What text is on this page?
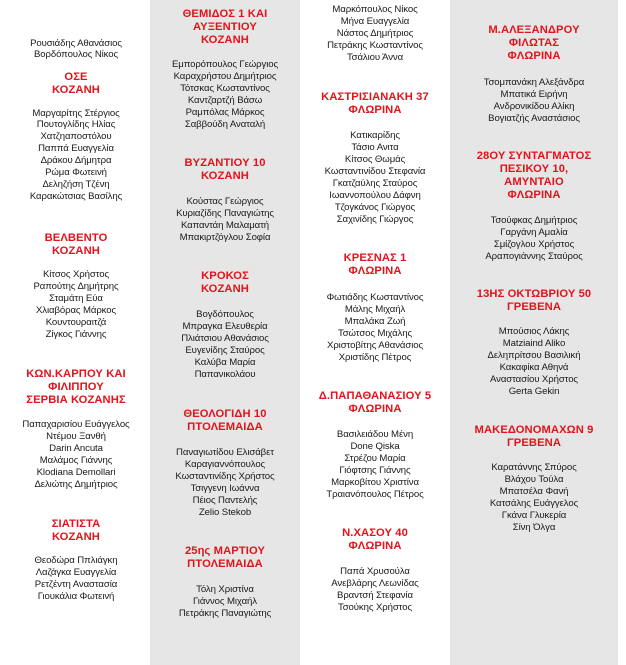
Ρουσιάδης Αθανάσιος
Βορδόπουλος Νίκος
ΟΣΕ
ΚΟΖΑΝΗ
Μαργαρίτης Στέργιος
Πουτογλίδης Ηλίας
Χατζηαποστόλου
Παππά Ευαγγελία
Δράκου Δήμητρα
Ρώμα Φωτεινή
Δεληζήση Τζένη
Καρακώτσιας Βασίλης
ΒΕΛΒΕΝΤΟ
ΚΟΖΑΝΗ
Κίτσος Χρήστος
Ραπούτης Δημήτρης
Σταμάτη Εύα
Χλιαβόρας Μάρκος
Κουντουραιτζά
Ζίγκος Γιάννης
ΚΩΝ.ΚΑΡΠΟΥ ΚΑΙ
ΦΙΛΙΠΠΟΥ
ΣΕΡΒΙΑ ΚΟΖΑΝΗΣ
Παπαχαρισίου Ευάγγελος
Ντέμου Ξανθή
Darin Ancuta
Μαλάμος Γιάννης
Klodiana Demollari
Δελιώτης Δημήτριος
ΣΙΑΤΙΣΤΑ
ΚΟΖΑΝΗ
Θεοδώρα Ππλιάγκη
Λαζάγκα Ευαγγελία
Ρετζέντη Αναστασία
Γιουκάλια Φωτεινή
ΘΕΜΙΔΟΣ 1 ΚΑΙ
ΑΥΞΕΝΤΙΟΥ
ΚΟΖΑΝΗ
Εμπορόπουλος Γεώργιος
Καραχρήστου Δημήτριος
Τότσκας Κωσταντίνος
Καντζαρτζή Βάσω
Ραμπόλας Μάρκος
Σαββούδη Αναταλή
ΒΥΖΑΝΤΙΟΥ 10
ΚΟΖΑΝΗ
Κούστας Γεώργιος
Κυριαζίδης Παναγιώτης
Καπαντάη Μαλαματή
Μπακιρτζόγλου Σοφία
ΚΡΟΚΟΣ
ΚΟΖΑΝΗ
Βογδόπουλος
Μπραγκα Ελευθερία
Πλιάτσιου Αθανάσιος
Ευγενίδης Σταύρος
Καλύβα Μαρία
Παπανικολάου
ΘΕΟΛΟΓΙΔΗ 10
ΠΤΟΛΕΜΑΙΔΑ
Παναγιωτίδου Ελισάβετ
Καραγιαννόπουλος
Κωσταντινίδης Χρήστος
Τσιγγενη Ιωάννα
Πέιος Παντελής
Zelio Stekob
25ης ΜΑΡΤΙΟΥ
ΠΤΟΛΕΜΑΙΔΑ
Τόλη Χριστίνα
Γιάννος Μιχαήλ
Πετράκης Παναγιώτης
Μαρκόπουλος Νίκος
Μήνα Ευαγγελία
Νάστος Δημήτριος
Πετράκης Κωσταντίνος
Τσάλιου Άννα
ΚΑΣΤΡΙΣΙΑΝΑΚΗ 37
ΦΛΩΡΙΝΑ
Κατικαρίδης
Τάσιο Ανιτα
Κίτσος Θωμάς
Κωσταντινίδου Στεφανία
Γκατζαύλης Σταύρος
Ιωαννοπούλου Δάφνη
Τζογκάνος Γιώργος
Σαχινίδης Γιώργος
ΚΡΕΣΝΑΣ 1
ΦΛΩΡΙΝΑ
Φωτιάδης Κωσταντίνος
Μάλης Μιχαήλ
Μπαλάκα Ζωή
Τσώτσος Μιχάλης
Χριστοβίτης Αθανάσιος
Χριστίδης Πέτρος
Δ.ΠΑΠΑΘΑΝΑΣΙΟΥ 5
ΦΛΩΡΙΝΑ
Βασιλειάδου Μένη
Done Qiska
Στρέζου Μαρία
Γιόφτσης Γιάννης
Μαρκοβίτου Χριστίνα
Τραιανόπουλος Πέτρος
Ν.ΧΑΣΟΥ 40
ΦΛΩΡΙΝΑ
Παπά Χρυσούλα
Ανεβλάρης Λεωνίδας
Βραντσή Στεφανία
Τσούκης Χρήστος
Μ.ΑΛΕΞΑΝΔΡΟΥ
ΦΙΛΩΤΑΣ
ΦΛΩΡΙΝΑ
Τσομπανάκη Αλεξάνδρα
Μπατικά Ειρήνη
Ανδρονικίδου Αλίκη
Βογιατζής Αναστάσιος
28ΟΥ ΣΥΝΤΑΓΜΑΤΟΣ
ΠΕΣΙΚΟΥ 10,
ΑΜΥΝΤΑΙΟ
ΦΛΩΡΙΝΑ
Τσούφκας Δημήτριος
Γαργάνη Αμαλία
Σμίζογλου Χρήστος
Αραπογιάννης Σταύρος
13ΗΣ ΟΚΤΩΒΡΙΟΥ 50
ΓΡΕΒΕΝΑ
Μπούσιος Λάκης
Matziaind Aliko
Δεληπρίτσου Βασιλική
Κακαφίκα Αθηνά
Αναστασίου Χρήστος
Gerta Gekin
ΜΑΚΕΔΟΝΟΜΑΧΩΝ 9
ΓΡΕΒΕΝΑ
Καρατάννης Σπύρος
Βλάχου Τούλα
Μπατσέλα Φανή
Κατσάλης Ευάγγελος
Γκάνα Γλυκερία
Σίνη Όλγα
